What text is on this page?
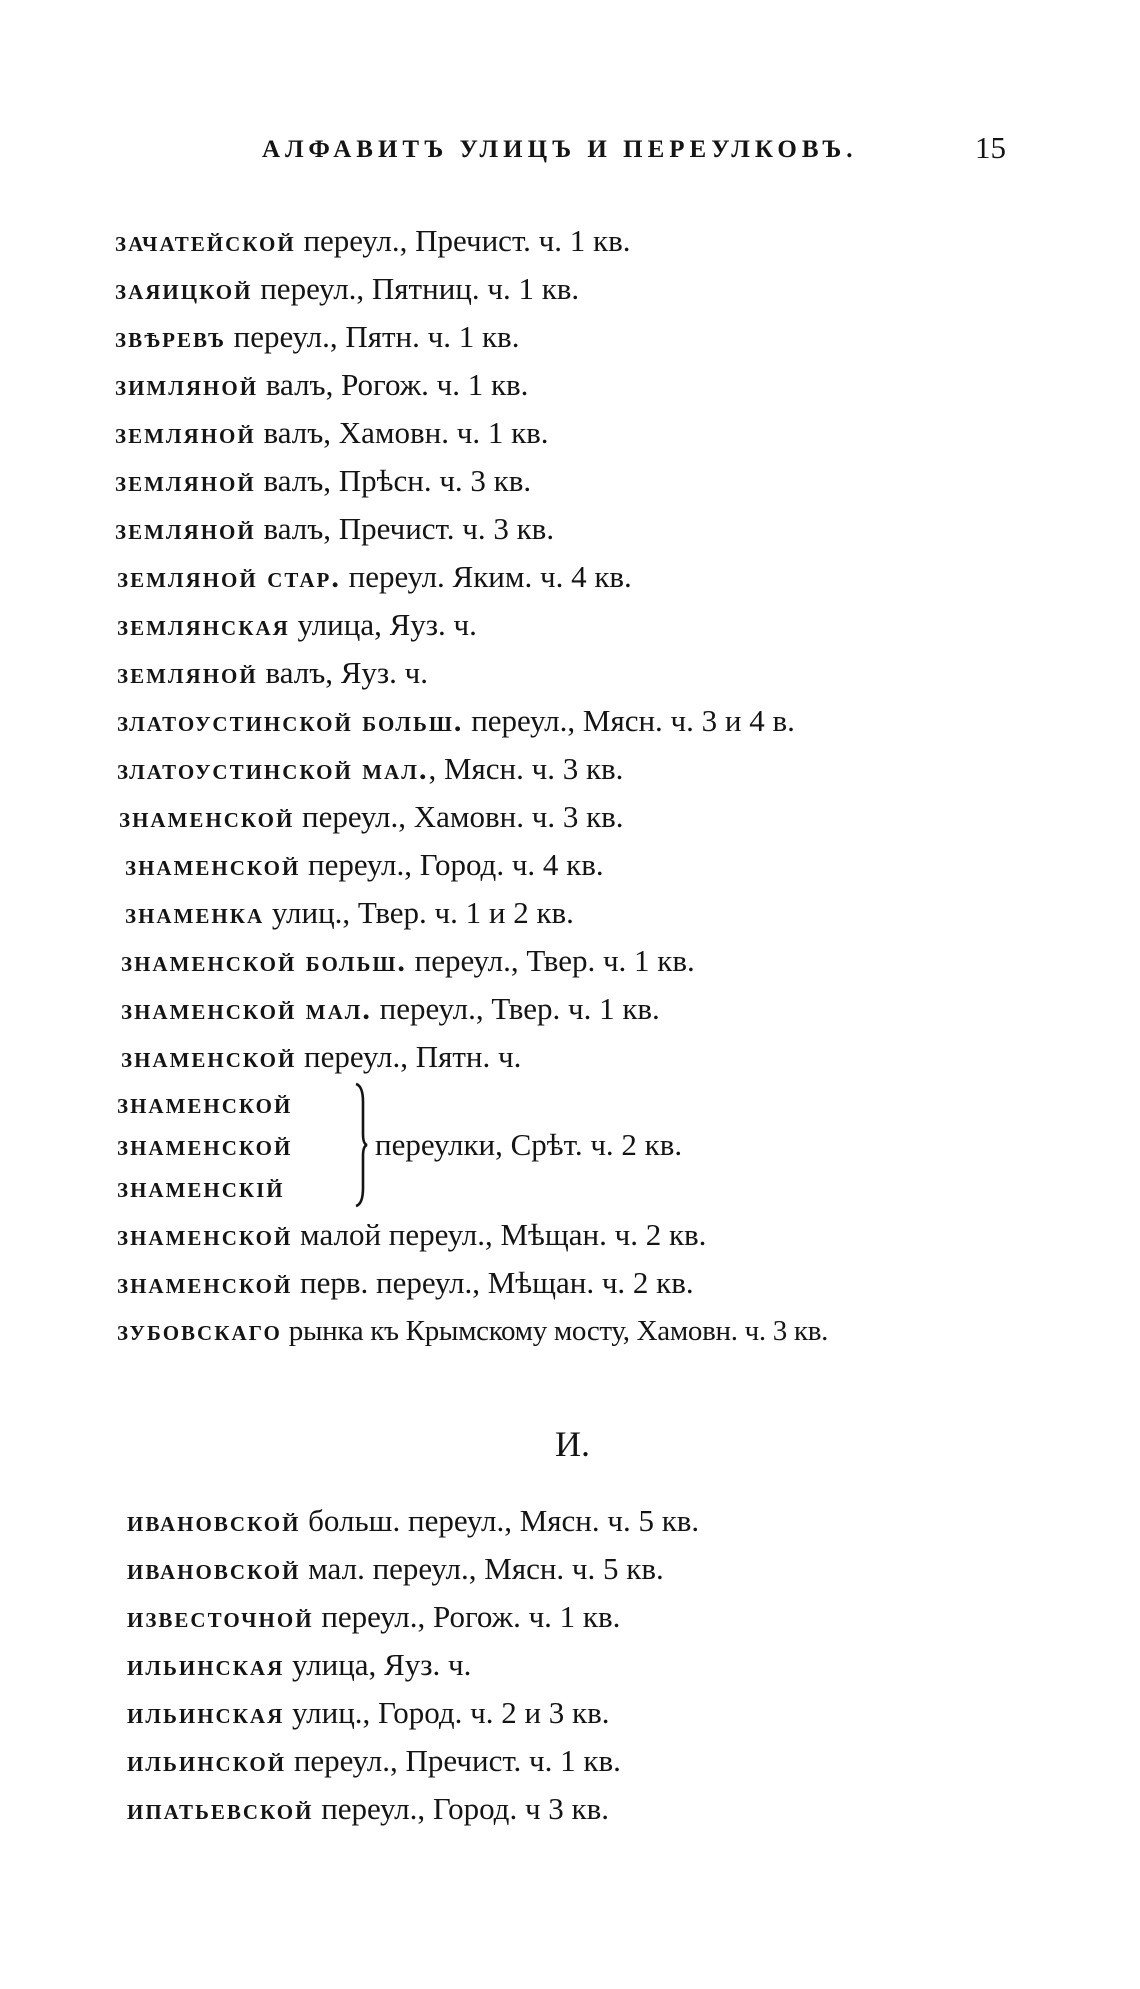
АЛФАВИТЪ УЛИЦЪ И ПЕРЕУЛКОВЪ.	15
зачатейской переул., Пречист. ч. 1 кв.
заяицкой переул., Пятниц. ч. 1 кв.
звѣревъ переул., Пятн. ч. 1 кв.
зимляной валъ, Рогож. ч. 1 кв.
земляной валъ, Хамовн. ч. 1 кв.
земляной валъ, Прѣсн. ч. 3 кв.
земляной валъ, Пречист. ч. 3 кв.
земляной стар. переул. Яким. ч. 4 кв.
землянская улица, Яуз. ч.
земляной валъ, Яуз. ч.
златоустинской больш. переул., Мясн. ч. 3 и 4 в.
златоустинской мал., Мясн. ч. 3 кв.
знаменской переул., Хамовн. ч. 3 кв.
знаменской переул., Город. ч. 4 кв.
знаменка улиц., Твер. ч. 1 и 2 кв.
знаменской больш. переул., Твер. ч. 1 кв.
знаменской мал. переул., Твер. ч. 1 кв.
знаменской переул., Пятн. ч.
знаменской
знаменской
знаменскій
переулки, Срѣт. ч. 2 кв.
знаменской малой переул., Мѣщан. ч. 2 кв.
знаменской перв. переул., Мѣщан. ч. 2 кв.
зубовскаго рынка къ Крымскому мосту, Хамовн. ч. 3 кв.
И.
ивановской больш. переул., Мясн. ч. 5 кв.
ивановской мал. переул., Мясн. ч. 5 кв.
известочной переул., Рогож. ч. 1 кв.
ильинская улица, Яуз. ч.
ильинская улиц., Город. ч. 2 и 3 кв.
ильинской переул., Пречист. ч. 1 кв.
ипатьевской переул., Город. ч 3 кв.
